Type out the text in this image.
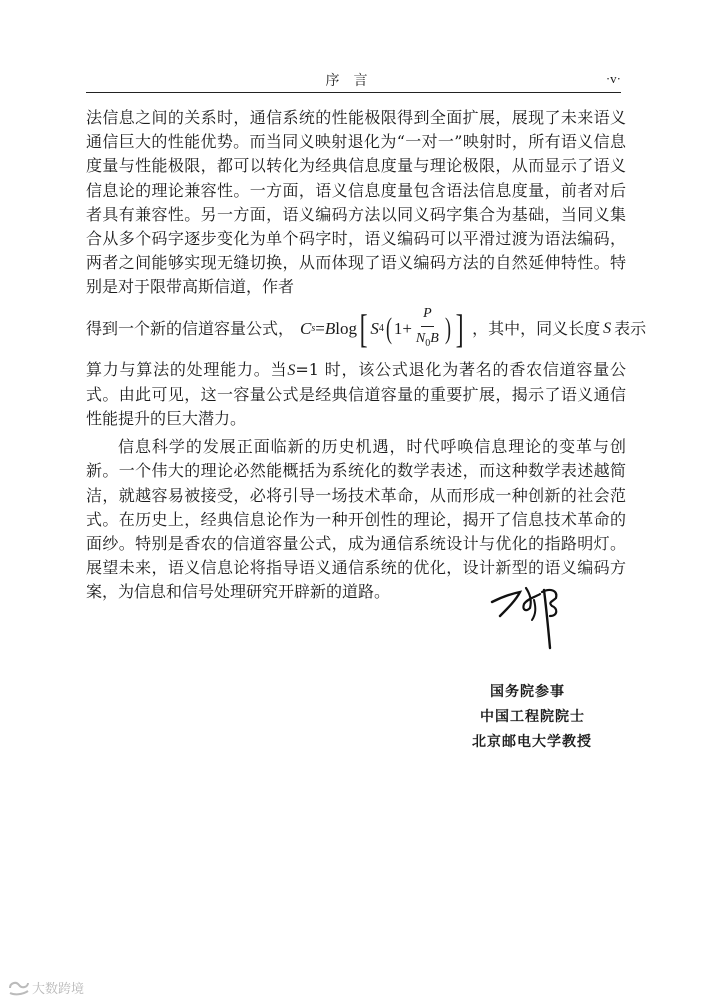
序言	·v·

法信息之间的关系时，通信系统的性能极限得到全面扩展，展现了未来语义通信巨大的性能优势。而当同义映射退化为“一对一”映射时，所有语义信息度量与性能极限，都可以转化为经典信息度量与理论极限，从而显示了语义信息论的理论兼容性。一方面，语义信息度量包含语法信息度量，前者对后者具有兼容性。另一方面，语义编码方法以同义码字集合为基础，当同义集合从多个码字逐步变化为单个码字时，语义编码可以平滑过渡为语法编码，两者之间能够实现无缝切换，从而体现了语义编码方法的自然延伸特性。特别是对于限带高斯信道，作者

得到一个新的信道容量公式， C s = B log [ S 4 ( $1+ \frac{P}{N_0B}$ ) ] ，其中，同义长度 S 表示

算力与算法的处理能力。当S=1 时，该公式退化为著名的香农信道容量公式。由此可见，这一容量公式是经典信道容量的重要扩展，揭示了语义通信性能提升的巨大潜力。

信息科学的发展正面临新的历史机遇，时代呼唤信息理论的变革与创新。一个伟大的理论必然能概括为系统化的数学表述，而这种数学表述越简洁，就越容易被接受，必将引导一场技术革命，从而形成一种创新的社会范式。在历史上，经典信息论作为一种开创性的理论，揭开了信息技术革命的面纱。特别是香农的信道容量公式，成为通信系统设计与优化的指路明灯。展望未来，语义信息论将指导语义通信系统的优化，设计新型的语义编码方案，为信息和信号处理研究开辟新的道路。

国务院参事
中国工程院院士
北京邮电大学教授
大数跨境
